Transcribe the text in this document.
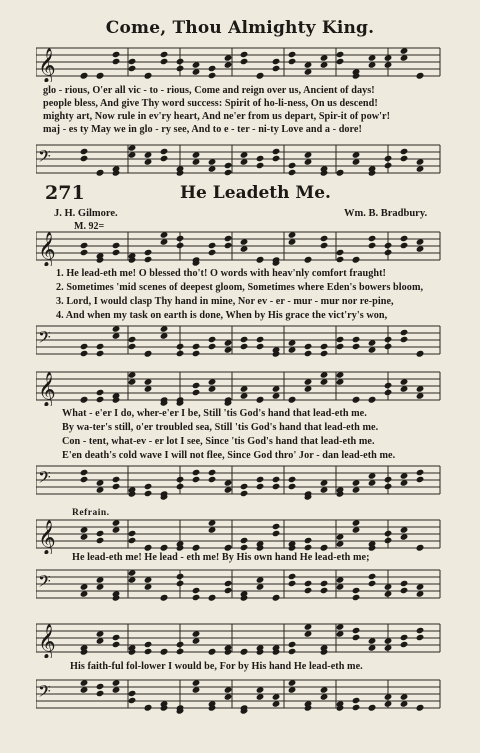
Come, Thou Almighty King.
𝄞
glo - rious, O'er all vic - to - rious, Come and reign over us, Ancient of days!
people bless, And give Thy word success: Spirit of ho-li-ness, On us descend!
mighty art, Now rule in ev'ry heart, And ne'er from us depart, Spir-it of pow'r!
maj - es ty May we in glo - ry see, And to e - ter - ni-ty Love and a - dore!
𝄢
271	He Leadeth Me.
J. H. Gilmore.	Wm. B. Bradbury.
M. 92=
𝄞
1. He lead-eth me! O blessed tho't! O words with heav'nly comfort fraught!
2. Sometimes 'mid scenes of deepest gloom, Sometimes where Eden's bowers bloom,
3. Lord, I would clasp Thy hand in mine, Nor ev - er - mur - mur nor re-pine,
4. And when my task on earth is done, When by His grace the vict'ry's won,
𝄢
𝄞
What - e'er I do, wher-e'er I be, Still 'tis God's hand that lead-eth me.
By wa-ter's still, o'er troubled sea, Still 'tis God's hand that lead-eth me.
Con - tent, what-ev - er lot I see, Since 'tis God's hand that lead-eth me.
E'en death's cold wave I will not flee, Since God thro' Jor - dan lead-eth me.
𝄢
Refrain.
𝄞
He lead-eth me! He lead - eth me! By His own hand He lead-eth me;
𝄢
𝄞
His faith-ful fol-lower I would be, For by His hand He lead-eth me.
𝄢
